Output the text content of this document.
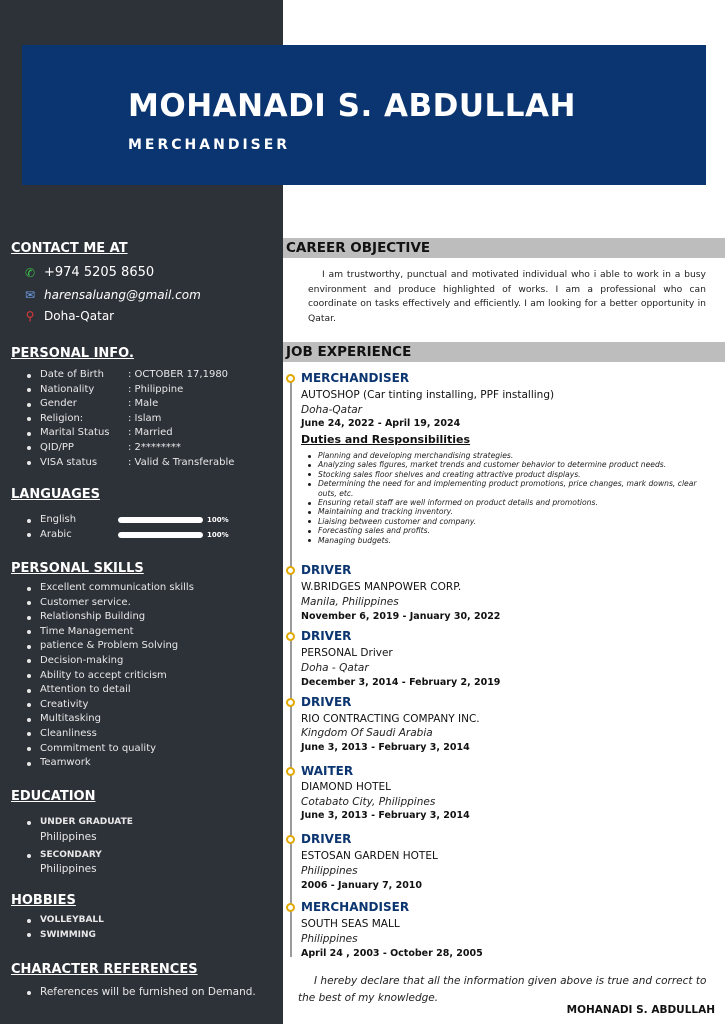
MOHANADI S. ABDULLAH
MERCHANDISER
CONTACT ME AT
✆ +974 5205 8650
✉ harensaluang@gmail.com
⚲ Doha-Qatar
PERSONAL INFO.
Date of Birth	: OCTOBER 17,1980
Nationality	: Philippine
Gender	: Male
Religion:	: Islam
Marital Status	: Married
QID/PP	: 2********
VISA status	: Valid & Transferable
LANGUAGES
English	100%
Arabic	100%
PERSONAL SKILLS
Excellent communication skills
Customer service.
Relationship Building
Time Management
patience & Problem Solving
Decision-making
Ability to accept criticism
Attention to detail
Creativity
Multitasking
Cleanliness
Commitment to quality
Teamwork
EDUCATION
UNDER GRADUATE
Philippines
SECONDARY
Philippines
HOBBIES
VOLLEYBALL
SWIMMING
CHARACTER REFERENCES
References will be furnished on Demand.
CAREER OBJECTIVE
I am trustworthy, punctual and motivated individual who i able to work in a busy environment and produce highlighted of works. I am a professional who can coordinate on tasks effectively and efficiently. I am looking for a better opportunity in Qatar.
JOB EXPERIENCE
MERCHANDISER
AUTOSHOP (Car tinting installing, PPF installing)
Doha-Qatar
June 24, 2022 - April 19, 2024
Duties and Responsibilities
Planning and developing merchandising strategies.
Analyzing sales figures, market trends and customer behavior to determine product needs.
Stocking sales floor shelves and creating attractive product displays.
Determining the need for and implementing product promotions, price changes, mark downs, clear outs, etc.
Ensuring retail staff are well informed on product details and promotions.
Maintaining and tracking inventory.
Liaising between customer and company.
Forecasting sales and profits.
Managing budgets.
DRIVER
W.BRIDGES MANPOWER CORP.
Manila, Philippines
November 6, 2019 - January 30, 2022
DRIVER
PERSONAL Driver
Doha - Qatar
December 3, 2014 - February 2, 2019
DRIVER
RIO CONTRACTING COMPANY INC.
Kingdom Of Saudi Arabia
June 3, 2013 - February 3, 2014
WAITER
DIAMOND HOTEL
Cotabato City, Philippines
June 3, 2013 - February 3, 2014
DRIVER
ESTOSAN GARDEN HOTEL
Philippines
2006 - January 7, 2010
MERCHANDISER
SOUTH SEAS MALL
Philippines
April 24 , 2003 - October 28, 2005
I hereby declare that all the information given above is true and correct to the best of my knowledge.
MOHANADI S. ABDULLAH
